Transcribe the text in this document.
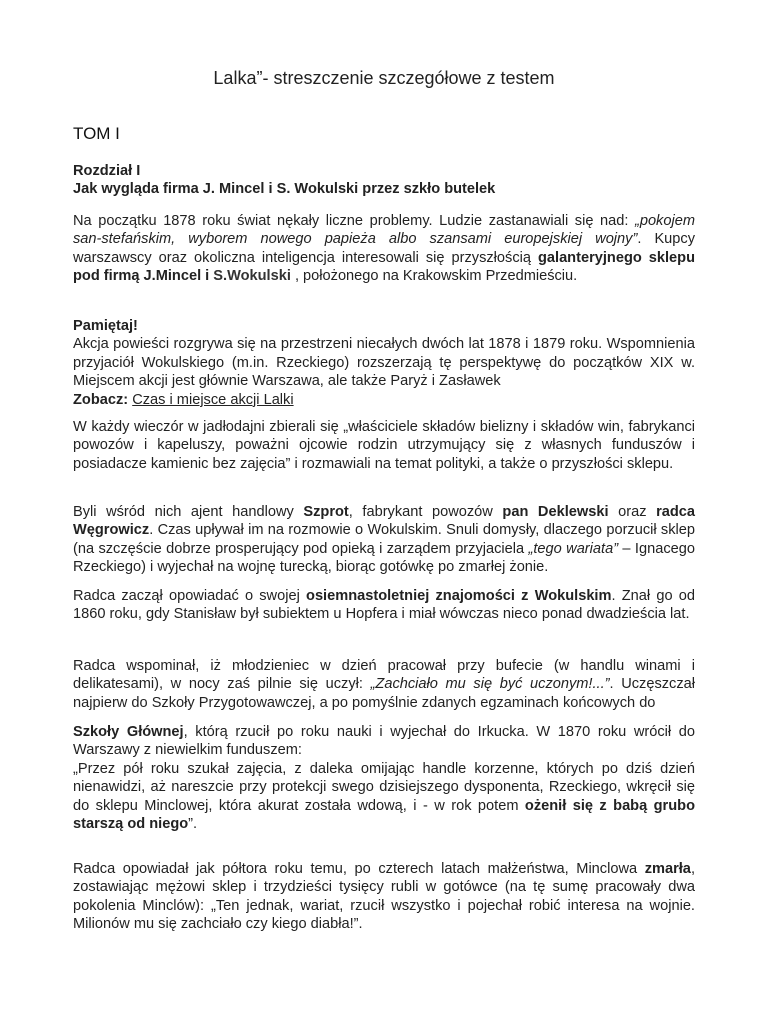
Lalka”- streszczenie szczegółowe z testem
TOM I
Rozdział I
Jak wygląda firma J. Mincel i S. Wokulski przez szkło butelek
Na początku 1878 roku świat nękały liczne problemy. Ludzie zastanawiali się nad: „pokojem san-stefańskim, wyborem nowego papieża albo szansami europejskiej wojny”. Kupcy warszawscy oraz okoliczna inteligencja interesowali się przyszłością galanteryjnego sklepu pod firmą J.Mincel i S.Wokulski , położonego na Krakowskim Przedmieściu.
Pamiętaj!
Akcja powieści rozgrywa się na przestrzeni niecałych dwóch lat 1878 i 1879 roku. Wspomnienia przyjaciół Wokulskiego (m.in. Rzeckiego) rozszerzają tę perspektywę do początków XIX w. Miejscem akcji jest głównie Warszawa, ale także Paryż i Zasławek
Zobacz: Czas i miejsce akcji Lalki
W każdy wieczór w jadłodajni zbierali się „właściciele składów bielizny i składów win, fabrykanci powozów i kapeluszy, poważni ojcowie rodzin utrzymujący się z własnych funduszów i posiadacze kamienic bez zajęcia” i rozmawiali na temat polityki, a także o przyszłości sklepu.
Byli wśród nich ajent handlowy Szprot, fabrykant powozów pan Deklewski oraz radca Węgrowicz. Czas upływał im na rozmowie o Wokulskim. Snuli domysły, dlaczego porzucił sklep (na szczęście dobrze prosperujący pod opieką i zarządem przyjaciela „tego wariata” – Ignacego Rzeckiego) i wyjechał na wojnę turecką, biorąc gotówkę po zmarłej żonie.
Radca zaczął opowiadać o swojej osiemnastoletniej znajomości z Wokulskim. Znał go od 1860 roku, gdy Stanisław był subiektem u Hopfera i miał wówczas nieco ponad dwadzieścia lat.
Radca wspominał, iż młodzieniec w dzień pracował przy bufecie (w handlu winami i delikatesami), w nocy zaś pilnie się uczył: „Zachciało mu się być uczonym!...”. Uczęszczał najpierw do Szkoły Przygotowawczej, a po pomyślnie zdanych egzaminach końcowych do
Szkoły Głównej, którą rzucił po roku nauki i wyjechał do Irkucka. W 1870 roku wrócił do Warszawy z niewielkim funduszem:
„Przez pół roku szukał zajęcia, z daleka omijając handle korzenne, których po dziś dzień nienawidzi, aż nareszcie przy protekcji swego dzisiejszego dysponenta, Rzeckiego, wkręcił się do sklepu Minclowej, która akurat została wdową, i - w rok potem ożenił się z babą grubo starszą od niego”.
Radca opowiadał jak półtora roku temu, po czterech latach małżeństwa, Minclowa zmarła, zostawiając mężowi sklep i trzydzieści tysięcy rubli w gotówce (na tę sumę pracowały dwa pokolenia Minclów): „Ten jednak, wariat, rzucił wszystko i pojechał robić interesa na wojnie. Milionów mu się zachciało czy kiego diabła!”.
